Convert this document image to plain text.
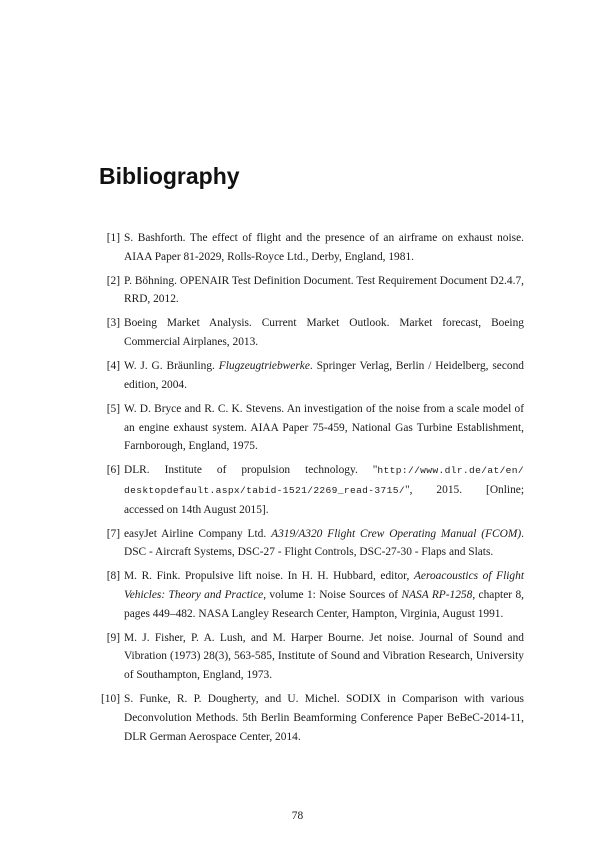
Bibliography
[1] S. Bashforth. The effect of flight and the presence of an airframe on exhaust noise. AIAA Paper 81-2029, Rolls-Royce Ltd., Derby, England, 1981.
[2] P. Böhning. OPENAIR Test Definition Document. Test Requirement Document D2.4.7, RRD, 2012.
[3] Boeing Market Analysis. Current Market Outlook. Market forecast, Boeing Commercial Airplanes, 2013.
[4] W. J. G. Bräunling. Flugzeugtriebwerke. Springer Verlag, Berlin / Heidelberg, second edition, 2004.
[5] W. D. Bryce and R. C. K. Stevens. An investigation of the noise from a scale model of an engine exhaust system. AIAA Paper 75-459, National Gas Turbine Establishment, Farnborough, England, 1975.
[6] DLR. Institute of propulsion technology. "http://www.dlr.de/at/en/ desktopdefault.aspx/tabid-1521/2269_read-3715/", 2015. [Online; accessed on 14th August 2015].
[7] easyJet Airline Company Ltd. A319/A320 Flight Crew Operating Manual (FCOM). DSC - Aircraft Systems, DSC-27 - Flight Controls, DSC-27-30 - Flaps and Slats.
[8] M. R. Fink. Propulsive lift noise. In H. H. Hubbard, editor, Aeroacoustics of Flight Vehicles: Theory and Practice, volume 1: Noise Sources of NASA RP-1258, chapter 8, pages 449–482. NASA Langley Research Center, Hampton, Virginia, August 1991.
[9] M. J. Fisher, P. A. Lush, and M. Harper Bourne. Jet noise. Journal of Sound and Vibration (1973) 28(3), 563-585, Institute of Sound and Vibration Research, University of Southampton, England, 1973.
[10] S. Funke, R. P. Dougherty, and U. Michel. SODIX in Comparison with various Deconvolution Methods. 5th Berlin Beamforming Conference Paper BeBeC-2014-11, DLR German Aerospace Center, 2014.
78
